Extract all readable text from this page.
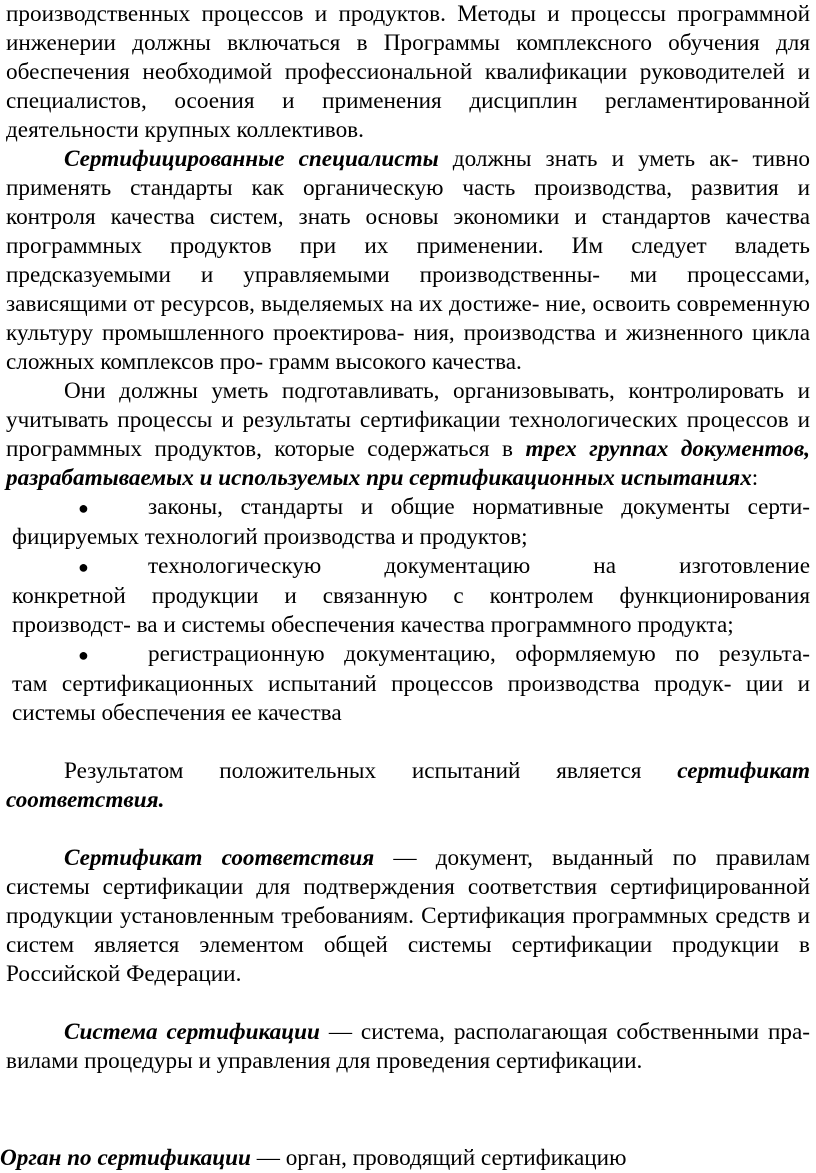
производственных процессов и продуктов. Методы и процессы программной инженерии должны включаться в Программы комплексного обучения для обеспечения необходимой профессиональной квалификации руководителей и специалистов, осоения и применения дисциплин регламентированной деятельности крупных коллективов.

Сертифицированные специалисты должны знать и уметь ак- тивно применять стандарты как органическую часть производства, развития и контроля качества систем, знать основы экономики и стандартов качества программных продуктов при их применении. Им следует владеть предсказуемыми и управляемыми производственны- ми процессами, зависящими от ресурсов, выделяемых на их достиже- ние, освоить современную культуру промышленного проектирова- ния, производства и жизненного цикла сложных комплексов про- грамм высокого качества.

Они должны уметь подготавливать, организовывать, контролировать и учитывать процессы и результаты сертификации технологических процессов и программных продуктов, которые содержаться в трех группах документов, разрабатываемых и используемых при сертификационных испытаниях:

●	законы, стандарты и общие нормативные документы серти-
фицируемых технологий производства и продуктов;
●	технологическую документацию на изготовление
конкретной продукции и связанную с контролем функционирования производст- ва и системы обеспечения качества программного продукта;
●	регистрационную документацию, оформляемую по результа-
там сертификационных испытаний процессов производства продук- ции и системы обеспечения ее качества

Результатом положительных испытаний является сертификат соответствия.

Сертификат соответствия — документ, выданный по правилам системы сертификации для подтверждения соответствия сертифицированной продукции установленным требованиям. Сертификация программных средств и систем является элементом общей системы сертификации продукции в Российской Федерации.

Система сертификации — система, располагающая собственными пра- вилами процедуры и управления для проведения сертификации.

Орган по сертификации — орган, проводящий сертификацию
